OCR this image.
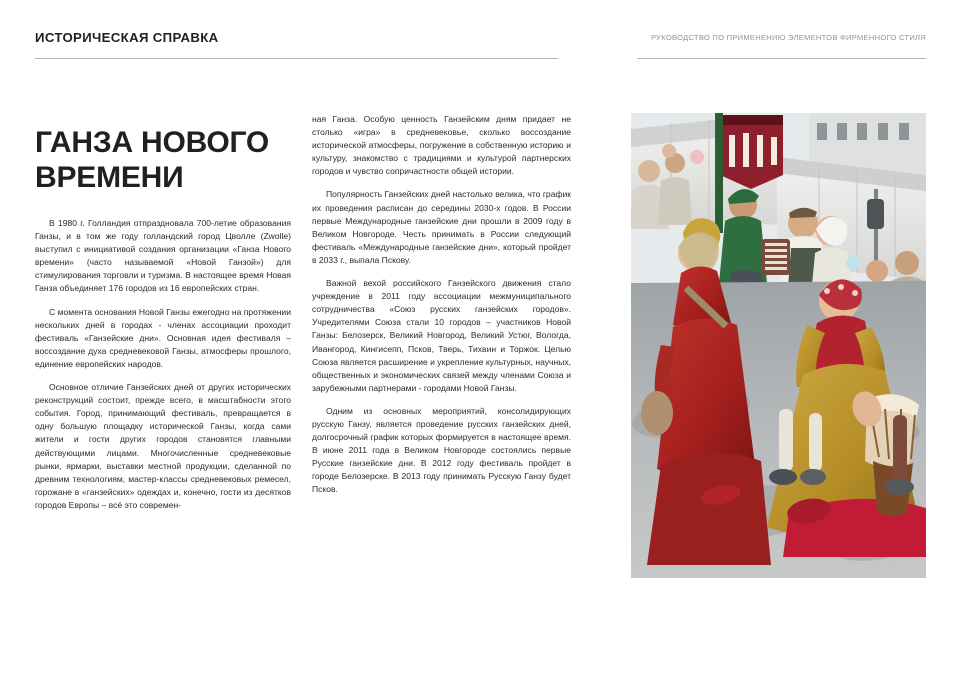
ИСТОРИЧЕСКАЯ СПРАВКА	РУКОВОДСТВО ПО ПРИМЕНЕНИЮ ЭЛЕМЕНТОВ ФИРМЕННОГО СТИЛЯ
ГАНЗА НОВОГО ВРЕМЕНИ

В 1980 г. Голландия отпраздновала 700-летие образования Ганзы, и в том же году голландский город Цволле (Zwolle) выступил с инициативой создания организации «Ганза Нового времени» (часто называемой «Новой Ганзой») для стимулирования торговли и туризма. В настоящее время Новая Ганза объединяет 176 городов из 16 европейских стран.

С момента основания Новой Ганзы ежегодно на протяжении нескольких дней в городах - членах ассоциации проходит фестиваль «Ганзейские дни». Основная идея фестиваля – воссоздание духа средневековой Ганзы, атмосферы прошлого, единение европейских народов.

Основное отличие Ганзейских дней от других исторических реконструкций состоит, прежде всего, в масштабности этого события. Город, принимающий фестиваль, превращается в одну большую площадку исторической Ганзы, когда сами жители и гости других городов становятся главными действующими лицами. Многочисленные средневековые рынки, ярмарки, выставки местной продукции, сделанной по древним технологиям, мастер-классы средневековых ремесел, горожане в «ганзейских» одеждах и, конечно, гости из десятков городов Европы – всё это современ-

ная Ганза. Особую ценность Ганзейским дням придает не столько «игра» в средневековье, сколько воссоздание исторической атмосферы, погружение в собственную историю и культуру, знакомство с традициями и культурой партнерских городов и чувство сопричастности общей истории.

Популярность Ганзейских дней настолько велика, что график их проведения расписан до середины 2030-х годов. В России первые Международные ганзейские дни прошли в 2009 году в Великом Новгороде. Честь принимать в России следующий фестиваль «Международные ганзейские дни», который пройдет в 2033 г., выпала Пскову.

Важной вехой российского Ганзейского движения стало учреждение в 2011 году ассоциации межмуниципального сотрудничества «Союз русских ганзейских городов». Учредителями Союза стали 10 городов – участников Новой Ганзы: Белозерск, Великий Новгород, Великий Устюг, Вологда, Ивангород, Кингисепп, Псков, Тверь, Тихвин и Торжок. Целью Союза является расширение и укрепление культурных, научных, общественных и экономических связей между членами Союза и зарубежными партнерами - городами Новой Ганзы.

Одним из основных мероприятий, консолидирующих русскую Ганзу, является проведение русских ганзейских дней, долгосрочный график которых формируется в настоящее время. В июне 2011 года в Великом Новгороде состоялись первые Русские ганзейские дни. В 2012 году фестиваль пройдет в городе Белозерске. В 2013 году принимать Русскую Ганзу будет Псков.
